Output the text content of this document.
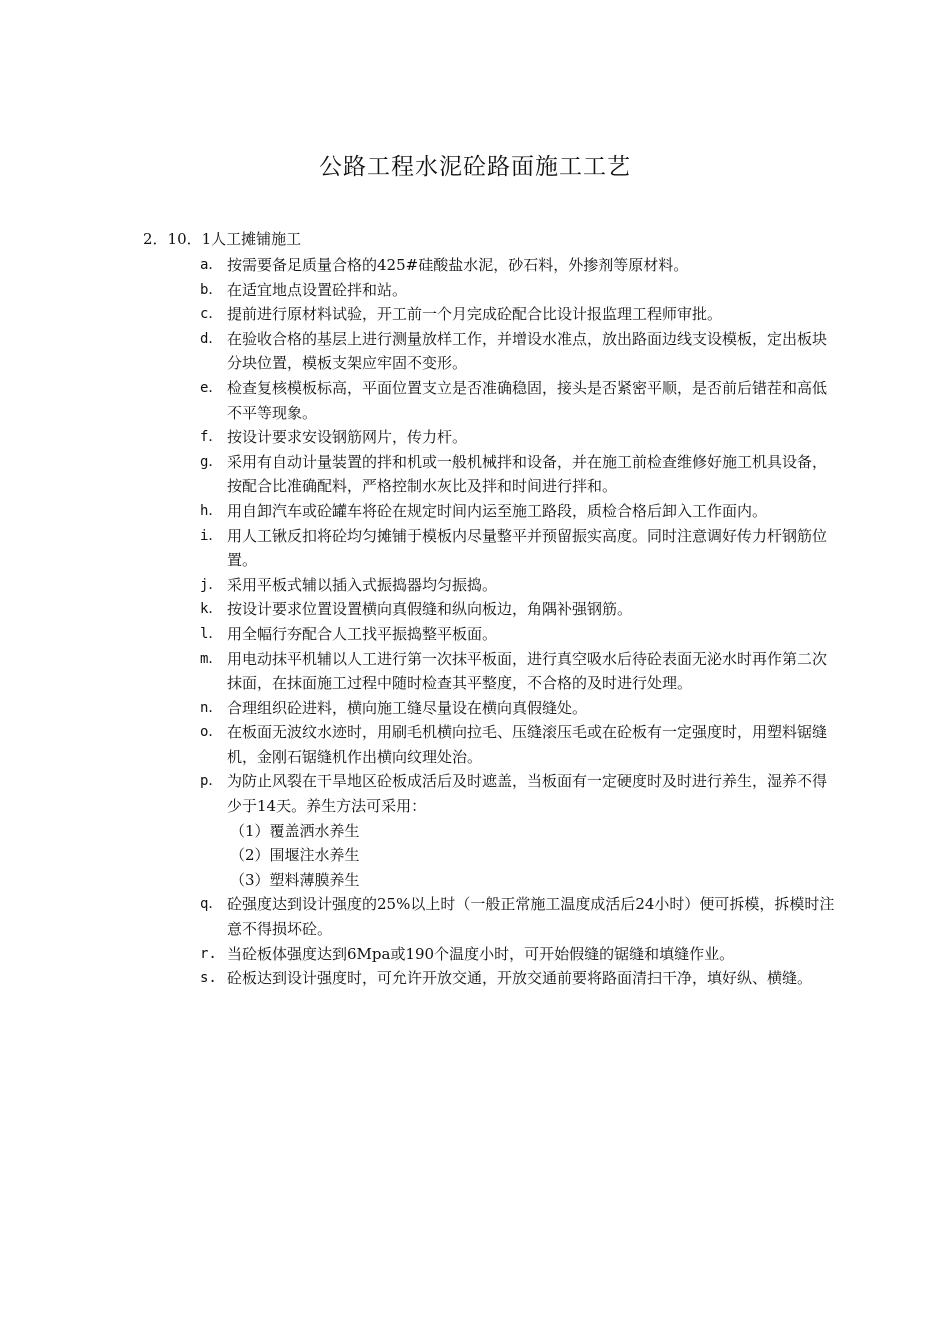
公路工程水泥砼路面施工工艺
2．10．1人工摊铺施工
a． 按需要备足质量合格的425#硅酸盐水泥，砂石料，外掺剂等原材料。
b． 在适宜地点设置砼拌和站。
c． 提前进行原材料试验，开工前一个月完成砼配合比设计报监理工程师审批。
d． 在验收合格的基层上进行测量放样工作，并增设水准点，放出路面边线支设模板，定出板块分块位置，模板支架应牢固不变形。
e． 检查复核模板标高，平面位置支立是否准确稳固，接头是否紧密平顺，是否前后错茬和高低不平等现象。
f． 按设计要求安设钢筋网片，传力杆。
g． 采用有自动计量装置的拌和机或一般机械拌和设备，并在施工前检查维修好施工机具设备，按配合比准确配料，严格控制水灰比及拌和时间进行拌和。
h． 用自卸汽车或砼罐车将砼在规定时间内运至施工路段，质检合格后卸入工作面内。
i． 用人工锹反扣将砼均匀摊铺于模板内尽量整平并预留振实高度。同时注意调好传力杆钢筋位置。
j． 采用平板式辅以插入式振捣器均匀振捣。
k． 按设计要求位置设置横向真假缝和纵向板边，角隅补强钢筋。
l． 用全幅行夯配合人工找平振捣整平板面。
m． 用电动抹平机辅以人工进行第一次抹平板面，进行真空吸水后待砼表面无泌水时再作第二次抹面，在抹面施工过程中随时检查其平整度，不合格的及时进行处理。
n． 合理组织砼进料，横向施工缝尽量设在横向真假缝处。
o． 在板面无波纹水迹时，用刷毛机横向拉毛、压缝滚压毛或在砼板有一定强度时，用塑料锯缝机，金刚石锯缝机作出横向纹理处治。
p． 为防止风裂在干旱地区砼板成活后及时遮盖，当板面有一定硬度时及时进行养生，湿养不得少于14天。养生方法可采用：
（1）覆盖洒水养生
（2）围堰注水养生
（3）塑料薄膜养生
q． 砼强度达到设计强度的25%以上时（一般正常施工温度成活后24小时）便可拆模，拆模时注意不得损坏砼。
r. 当砼板体强度达到6Mpa或190个温度小时，可开始假缝的锯缝和填缝作业。
s. 砼板达到设计强度时，可允许开放交通，开放交通前要将路面清扫干净，填好纵、横缝。
